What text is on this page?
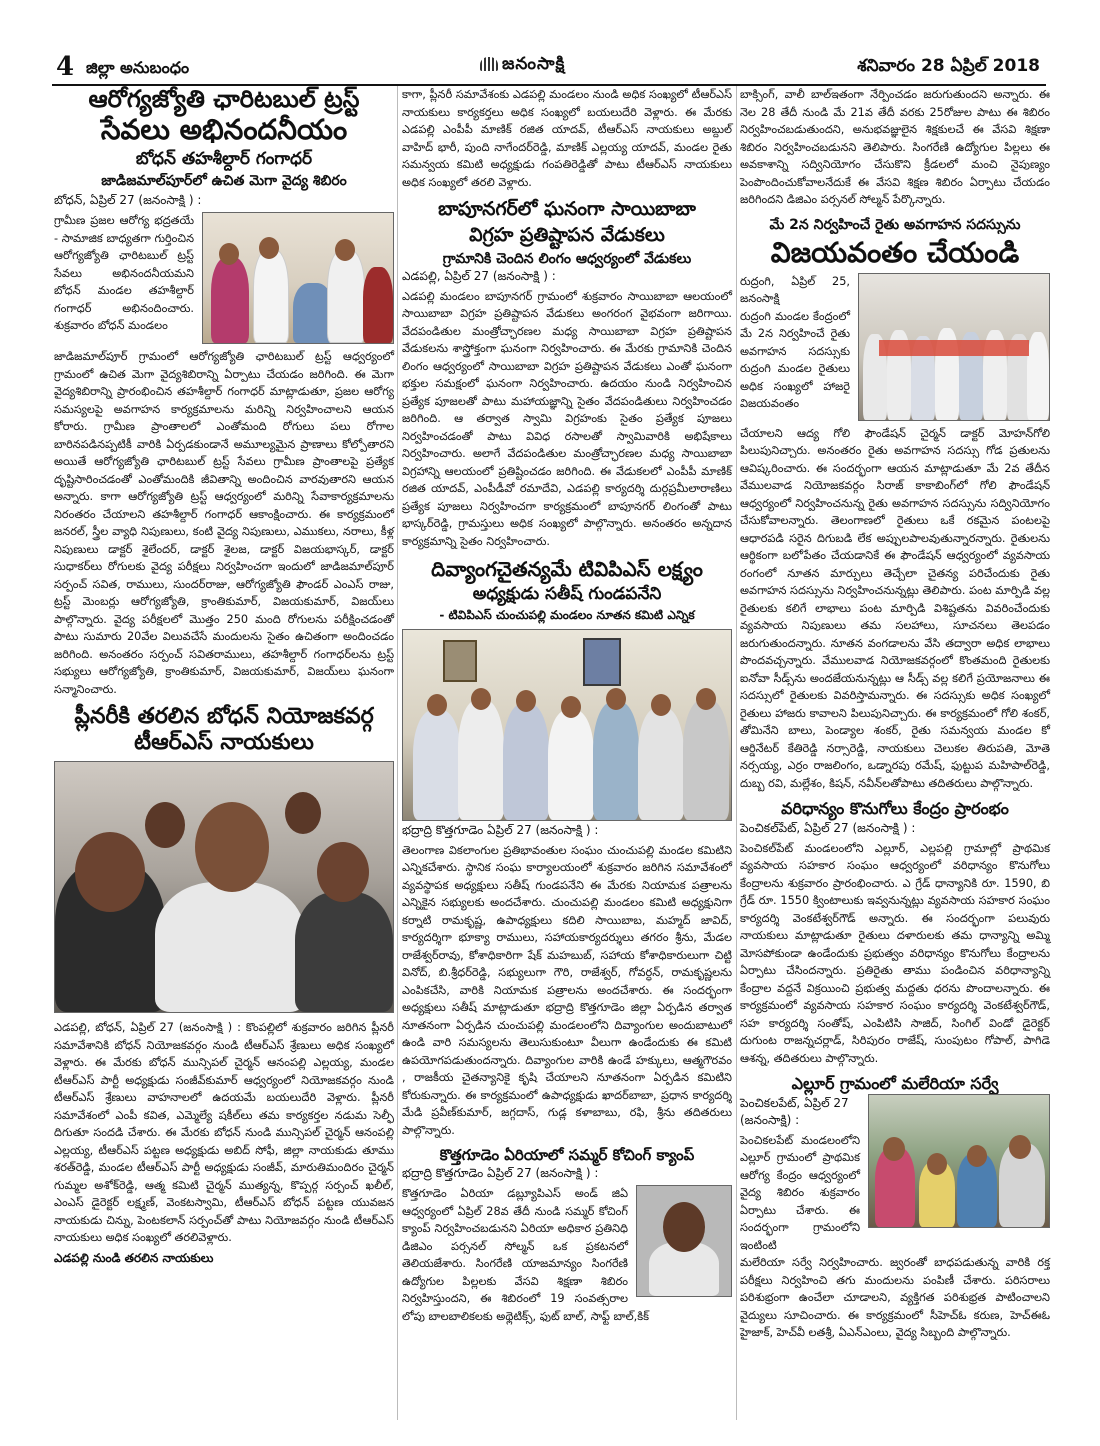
4 జిల్లా అనుబంధం	జనంసాక్షి	శనివారం 28 ఏప్రిల్ 2018

ఆరోగ్యజ్యోతి ఛారిటబుల్ ట్రస్ట్

సేవలు అభినందనీయం

బోధన్ తహశీల్దార్ గంగాధర్

జాడిజమాల్‌పూర్‌లో ఉచిత మెగా వైద్య శిబిరం

బోధన్, ఏప్రిల్ 27 (జనంసాక్షి ) :

గ్రామీణ ప్రజల ఆరోగ్య భద్రతయే - సామాజిక బాధ్యతగా గుర్తించిన ఆరోగ్యజ్యోతి ఛారిటబుల్ ట్రస్ట్ సేవలు అభినందనీయమని బోధన్ మండల తహశీల్దార్ గంగాధర్ అభినందించారు. శుక్రవారం బోధన్ మండలం

జాడిజమాల్‌పూర్ గ్రామంలో ఆరోగ్యజ్యోతి ఛారిటబుల్ ట్రస్ట్ ఆధ్వర్యంలో గ్రామంలో ఉచిత మెగా వైద్యశిబిరాన్ని ఏర్పాటు చేయడం జరిగింది. ఈ మెగా వైద్యశిబిరాన్ని ప్రారంభించిన తహశీల్దార్ గంగాధర్ మాట్లాడుతూ, ప్రజల ఆరోగ్య సమస్యలపై అవగాహన కార్యక్రమాలను మరిన్ని నిర్వహించాలని ఆయన కోరారు. గ్రామీణ ప్రాంతాలలో ఎంతోమంది రోగులు పలు రోగాల బారినపడినప్పటికీ వారికి ఏర్పడకుండానే అమూల్యమైన ప్రాణాలు కోల్పోతారని అయితే ఆరోగ్యజ్యోతి ఛారిటబుల్ ట్రస్ట్ సేవలు గ్రామీణ ప్రాంతాలపై ప్రత్యేక దృష్టిసారించడంతో ఎంతోమందికి జీవితాన్ని అందించిన వారవుతారని ఆయన అన్నారు. కాగా ఆరోగ్యజ్యోతి ట్రస్ట్ ఆధ్వర్యంలో మరిన్ని సేవాకార్యక్రమాలను నిరంతరం చేయాలని తహశీల్దార్ గంగాధర్ ఆకాంక్షించారు. ఈ కార్యక్రమంలో జనరల్, స్త్రీల వ్యాధి నిపుణులు, కంటి వైద్య నిపుణులు, ఎముకలు, నరాలు, కీళ్ల నిపుణులు డాక్టర్ శైలేందర్, డాక్టర్ శైలజ, డాక్టర్ విజయభాస్కర్, డాక్టర్ సుధాకర్‌లు రోగులకు వైద్య పరీక్షలు నిర్వహించగా ఇందులో జాడిజమాల్‌పూర్ సర్పంచ్ సవిత, రాములు, సుందర్‌రాజు, ఆరోగ్యజ్యోతి ఫౌండర్ ఎంఎస్ రాజు, ట్రస్ట్ మెంబర్లు ఆరోగ్యజ్యోతి, క్రాంతికుమార్, విజయకుమార్, విజయ్‌లు పాల్గొన్నారు. వైద్య పరీక్షలలో మొత్తం 250 మంది రోగులను పరీక్షించడంతో పాటు సుమారు 20వేల విలువచేసే మందులను సైతం ఉచితంగా అందించడం జరిగింది. అనంతరం సర్పంచ్ సవితరాములు, తహశీల్దార్ గంగాధర్‌లను ట్రస్ట్ సభ్యులు ఆరోగ్యజ్యోతి, క్రాంతికుమార్, విజయకుమార్, విజయ్‌లు ఘనంగా సన్మానించారు.

ప్లీనరీకి తరలిన బోధన్ నియోజకవర్గ

టీఆర్ఎస్ నాయకులు

ఎడపల్లి, బోధన్, ఏప్రిల్ 27 (జనంసాక్షి ) : కొంపల్లిలో శుక్రవారం జరిగిన ప్లీనరీ సమావేశానికి బోధన్ నియోజకవర్గం నుండి టీఆర్ఎస్ శ్రేణులు అధిక సంఖ్యలో వెళ్లారు. ఈ మేరకు బోధన్ మున్సిపల్ చైర్మన్ ఆనంపల్లి ఎల్లయ్య, మండల టీఆర్ఎస్ పార్టీ అధ్యక్షుడు సంజీవ్‌కుమార్ ఆధ్వర్యంలో నియోజకవర్గం నుండి టీఆర్ఎస్ శ్రేణులు వాహనాలలో ఉదయమే బయలుదేరి వెళ్లారు. ప్లీనరీ సమావేశంలో ఎంపీ కవిత, ఎమ్మెల్యే షకీల్‌లు తమ కార్యకర్తల నడుమ సెల్ఫీ దిగుతూ సందడి చేశారు. ఈ మేరకు బోధన్ నుండి మున్సిపల్ చైర్మన్ ఆనంపల్లి ఎల్లయ్య, టీఆర్ఎస్ పట్టణ అధ్యక్షుడు అబిద్ సోఫీ, జిల్లా నాయకుడు తూము శరత్‌రెడ్డి, మండల టీఆర్ఎస్ పార్టీ అధ్యక్షుడు సంజీవ్, మారుతిమందిరం చైర్మన్ గుమ్మల అశోక్‌రెడ్డి, ఆత్మ కమిటి చైర్మన్ ముత్యన్న, కొప్పర్గ సర్పంచ్ ఖలీల్, ఎంఎస్ డైరెక్టర్ లక్ష్మణ్, వెంకటస్వామి, టీఆర్ఎస్ బోధన్ పట్టణ యువజన నాయకుడు చిన్ను, పెంటకలాన్ సర్పంచ్‌తో పాటు నియోజవర్గం నుండి టీఆర్ఎస్ నాయకులు అధిక సంఖ్యలో తరలివెళ్లారు.

ఎడపల్లి నుండి తరలిన నాయకులు

కాగా, ప్లీనరీ సమావేశంకు ఎడపల్లి మండలం నుండి అధిక సంఖ్యలో టీఆర్ఎస్ నాయకులు కార్యకర్తలు అధిక సంఖ్యలో బయలుదేరి వెళ్లారు. ఈ మేరకు ఎడపల్లి ఎంపీపీ మాణిక్ రజిత యాదవ్, టీఆర్ఎస్ నాయకులు అబ్దుల్ వాహిద్ భారీ, పుంది నాగేందర్‌రెడ్డి, మాణిక్ ఎల్లయ్య యాదవ్, మండల రైతు సమన్వయ కమిటి అధ్యక్షుడు గంపతిరెడ్డితో పాటు టీఆర్ఎస్ నాయకులు అధిక సంఖ్యలో తరలి వెళ్లారు.

బాపూనగర్‌లో ఘనంగా సాయిబాబా

విగ్రహ ప్రతిష్టాపన వేడుకలు

గ్రామానికి చెందిన లింగం ఆధ్వర్యంలో వేడుకలు

ఎడపల్లి, ఏప్రిల్ 27 (జనంసాక్షి ) :

ఎడపల్లి మండలం బాపూనగర్ గ్రామంలో శుక్రవారం సాయిబాబా ఆలయంలో సాయిబాబా విగ్రహ ప్రతిష్టాపన వేడుకలు అంగరంగ వైభవంగా జరిగాయి. వేదపండితుల మంత్రోచ్ఛారణల మధ్య సాయిబాబా విగ్రహ ప్రతిష్టాపన వేడుకలను శాస్త్రోక్తంగా ఘనంగా నిర్వహించారు. ఈ మేరకు గ్రామానికి చెందిన లింగం ఆధ్వర్యంలో సాయిబాబా విగ్రహ ప్రతిష్టాపన వేడుకలు ఎంతో ఘనంగా భక్తుల సమక్షంలో ఘనంగా నిర్వహించారు. ఉదయం నుండి నిర్వహించిన ప్రత్యేక పూజలతో పాటు మహాయజ్ఞాన్ని సైతం వేదపండితులు నిర్వహించడం జరిగింది. ఆ తర్వాత స్వామి విగ్రహంకు సైతం ప్రత్యేక పూజలు నిర్వహించడంతో పాటు వివిధ రసాలతో స్వామివారికి అభిషేకాలు నిర్వహించారు. అలాగే వేదపండితుల మంత్రోచ్ఛారణల మధ్య సాయిబాబా విగ్రహాన్ని ఆలయంలో ప్రతిష్టించడం జరిగింది. ఈ వేడుకలలో ఎంపీపీ మాణిక్ రజిత యాదవ్, ఎంపీడీవో రమాదేవి, ఎడపల్లి కార్యదర్శి దుర్గప్రమీలారాణిలు ప్రత్యేక పూజలు నిర్వహించగా కార్యక్రమంలో బాపూనగర్ లింగంతో పాటు భాస్కర్‌రెడ్డి, గ్రామస్తులు అధిక సంఖ్యలో పాల్గొన్నారు. అనంతరం అన్నదాన కార్యక్రమాన్ని సైతం నిర్వహించారు.

దివ్యాంగచైతన్యమే టివిపిఎస్ లక్ష్యం

అధ్యక్షుడు సతీష్ గుండపనేని

- టివిపిఎస్ చుంచుపల్లి మండలం నూతన కమిటి ఎన్నిక

భద్రాద్రి కొత్తగూడెం ఏప్రిల్ 27 (జనంసాక్షి ) :

తెలంగాణ వికలాంగుల ప్రతిభావంతుల సంఘం చుంచుపల్లి మండల కమిటిని ఎన్నికచేశారు. స్థానిక సంఘ కార్యాలయంలో శుక్రవారం జరిగిన సమావేశంలో వ్యవస్థాపక అధ్యక్షులు సతీష్ గుండపనేని ఈ మేరకు నియామక పత్రాలను ఎన్నికైన సభ్యులకు అందచేశారు. చుంచుపల్లి మండలం కమిటి అధ్యక్షునిగా కర్నాటి రామకృష్ణ, ఉపాధ్యక్షులు కదిలి సాయిబాబ, మహ్మద్ జావిద్, కార్యదర్శిగా భూక్యా రాములు, సహాయకార్యదర్శులు తగరం శ్రీను, మేడల రాజేశ్వర్‌రావు, కోశాధికారిగా షేక్ మహబుబ్, సహాయ కోశాధికారులుగా చిట్టి వినోద్, బి.శ్రీధర్‌రెడ్డి, సభ్యులుగా గౌరి, రాజేశ్వర్, గోవర్ధన్, రామకృష్ణలను ఎంపికచేసి, వారికి నియామక పత్రాలను అందచేశారు. ఈ సందర్భంగా అధ్యక్షులు సతీష్ మాట్లాడుతూ భద్రాద్రి కొత్తగూడెం జిల్లా ఏర్పడిన తర్వాత నూతనంగా ఏర్పడిన చుంచుపల్లి మండలంలోని దివ్యాంగుల అందుబాటులో ఉండి వారి సమస్యలను తెలుసుకుంటూ వీలుగా ఉండేందుకు ఈ కమిటి ఉపయోగపడుతుందన్నారు. దివ్యాంగుల వారికి ఉండే హక్కులు, ఆత్మగౌరవం , రాజకీయ చైతన్యానికై కృషి చేయాలని నూతనంగా ఏర్పడిన కమిటిని కోరుకున్నారు. ఈ కార్యక్రమంలో ఉపాధ్యక్షుడు ఖాదర్‌బాబా, ప్రధాన కార్యదర్శి మేడి ప్రవీణ్‌కుమార్, జగ్గదాస్, గుడ్ల కళాబాబు, రఫి, శ్రీను తదితరులు పాల్గొన్నారు.

కొత్తగూడెం ఏరియాలో సమ్మర్ కోచింగ్ క్యాంప్

భద్రాద్రి కొత్తగూడెం ఏప్రిల్ 27 (జనంసాక్షి ) :

కొత్తగూడెం ఏరియా డబ్ల్యూపిఎస్ అండ్ జిఏ ఆధ్వర్యంలో ఏప్రిల్ 28వ తేదీ నుండి సమ్మర్ కోచింగ్ క్యాంప్ నిర్వహించబడునని ఏరియా అధికార ప్రతినిధి డిజిఎం పర్సనల్ సోల్మన్ ఒక ప్రకటనలో తెలియజేశారు. సింగరేణి యాజమాన్యం సింగరేణి ఉద్యోగుల పిల్లలకు వేసవి శిక్షణా శిబిరం నిర్వహిస్తుందని, ఈ శిబిరంలో 19 సంవత్సరాల లోపు బాలబాలికలకు అథ్లెటిక్స్, ఫుట్ బాల్, సాఫ్ట్ బాల్,కిక్

బాక్సింగ్, వాలీ బాల్‌ఇతంగా నేర్పించడం జరుగుతుందని అన్నారు. ఈ నెల 28 తేదీ నుండి మే 21వ తేదీ వరకు 25రోజుల పాటు ఈ శిబిరం నిర్వహించబడుతుందని, అనుభవజ్ఞులైన శిక్షకులచే ఈ వేసవి శిక్షణా శిబిరం నిర్వహించబడునని తెలిపారు. సింగరేణి ఉద్యోగుల పిల్లలు ఈ అవకాశాన్ని సద్వినియోగం చేసుకొని క్రీడలలో మంచి నైపుణ్యం పెంపొందించుకోవాలనేదుకే ఈ వేసవి శిక్షణ శిబిరం ఏర్పాటు చేయడం జరిగిందని డిజిఎం పర్సనల్ సోల్మన్ పేర్కొన్నారు.

మే 2న నిర్వహించే రైతు అవగాహన సదస్సును

విజయవంతం చేయండి

రుద్రంగి, ఏప్రిల్ 25, జనంసాక్షి

రుద్రంగి మండల కేంద్రంలో మే 2న నిర్వహించే రైతు అవగాహన సదస్సుకు రుద్రంగి మండల రైతులు అధిక సంఖ్యలో హాజరై విజయవంతం

చేయాలని ఆద్య గోలి ఫౌండేషన్ చైర్మన్ డాక్టర్ మోహన్‌గోలి పిలుపునిచ్చారు. అనంతరం రైతు అవగాహన సదస్సు గోడ ప్రతులను ఆవిష్కరించారు. ఈ సందర్భంగా ఆయన మాట్లాడుతూ మే 2వ తేదీన వేములవాడ నియోజకవర్గం సిరాజ్ కాకాబింగ్‌లో గోలి ఫౌండేషన్ ఆధ్వర్యంలో నిర్వహించనున్న రైతు అవగాహన సదస్సును సద్వినియోగం చేసుకోవాలన్నారు. తెలంగాణలో రైతులు ఒకే రకమైన పంటలపై ఆధారపడి సరైన దిగుబడి లేక అప్పులపాలవుతున్నారన్నారు. రైతులను ఆర్థికంగా బలోపేతం చేయడానికే ఈ ఫౌండేషన్ ఆధ్వర్యంలో వ్యవసాయ రంగంలో నూతన మార్పులు తెచ్చేలా చైతన్య పరిచేందుకు రైతు అవగాహన సదస్సును నిర్వహించనున్నట్లు తెలిపారు. పంట మార్పిడి వల్ల రైతులకు కలిగే లాభాలు పంట మార్పిడి విశిష్టతను వివరించేందుకు వ్యవసాయ నిపుణులు తమ సలహాలు, సూచనలు తెలపడం జరుగుతుందన్నారు. నూతన వంగడాలను వేసి తద్వారా అధిక లాభాలు పొందవచ్చన్నారు. వేములవాడ నియోజకవర్గంలో కొంతమంది రైతులకు ఐనోవా సీడ్స్‌ను అందజేయనున్నట్లు ఆ సీడ్స్ వల్ల కలిగే ప్రయోజనాలు ఈ సదస్సులో రైతులకు వివరిస్తామన్నారు. ఈ సదస్సుకు అధిక సంఖ్యలో రైతులు హాజరు కావాలని పిలుపునిచ్చారు. ఈ కార్యక్రమంలో గోలి శంకర్, తోమినేని బాలు, పెండ్యాల శంకర్, రైతు సమన్వయ మండల కో ఆర్డినేటర్ కేతిరెడ్డి నర్సారెడ్డి, నాయకులు చెలుకల తిరుపతి, మోతె నర్సయ్య, ఎర్రం రాజలింగం, ఒడ్నారపు రమేష్, ఫుట్టుప మహిపాల్‌రెడ్డి, దుబ్బ రవి, మల్లేశం, కిషన్, నవీన్‌లతోపాటు తదితరులు పాల్గొన్నారు.

వరిధాన్యం కొనుగోలు కేంద్రం ప్రారంభం

పెంచికల్‌పేట్, ఏప్రిల్ 27 (జనంసాక్షి ) :

పెంచికల్‌పేట్ మండలంలోని ఎల్లూర్, ఎల్లపల్లి గ్రామాల్లో ప్రాథమిక వ్యవసాయ సహకార సంఘం ఆధ్వర్యంలో వరిధాన్యం కొనుగోలు కేంద్రాలను శుక్రవారం ప్రారంభించారు. ఎ గ్రేడ్ ధాన్యానికి రూ. 1590, బి గ్రేడ్ రూ. 1550 క్వింటాలుకు ఇవ్వనున్నట్లు వ్యవసాయ సహకార సంఘం కార్యదర్శి వెంకటేశ్వర్‌గౌడ్ అన్నారు. ఈ సందర్భంగా పలువురు నాయకులు మాట్లాడుతూ రైతులు దళారులకు తమ ధాన్యాన్ని అమ్మి మోసపోకుండా ఉండేందుకు ప్రభుత్వం వరిధాన్యం కొనుగోలు కేంద్రాలను ఏర్పాటు చేసిందన్నారు. ప్రతిరైతు తాము పండించిన వరిధాన్యాన్ని కేంద్రాల వద్దనే విక్రయించి ప్రభుత్వ మద్దతు ధరను పొందాలన్నారు. ఈ కార్యక్రమంలో వ్యవసాయ సహకార సంఘం కార్యదర్శి వెంకటేశ్వర్‌గౌడ్, సహ కార్యదర్శి సంతోష్, ఎంపిటిసి సాజిద్, సింగిల్ విండో డైరెక్టర్ దుగుంట రాజన్నచర్లాడ్, సిరిపురం రాజేష్, సుంపుటం గోపాల్, పాగిడె ఆశన్న, తదితరులు పాల్గొన్నారు.

ఎల్లూర్ గ్రామంలో మలేరియా సర్వే

పెంచికలపేట్, ఏప్రిల్ 27 (జనంసాక్షి) :

పెంచికలపేట్ మండలంలోని ఎల్లూర్ గ్రామంలో ప్రాథమిక ఆరోగ్య కేంద్రం ఆధ్వర్యంలో వైద్య శిబిరం శుక్రవారం ఏర్పాటు చేశారు. ఈ సందర్భంగా గ్రామంలోని ఇంటింటి

మలేరియా సర్వే నిర్వహించారు. జ్వరంతో బాధపడుతున్న వారికి రక్త పరీక్షలు నిర్వహించి తగు మందులను పంపిణీ చేశారు. పరిసరాలు పరిశుభ్రంగా ఉంచేలా చూడాలని, వ్యక్తిగత పరిశుభ్రత పాటించాలని వైద్యులు సూచించారు. ఈ కార్యక్రమంలో సీహెచ్ఓ కరుణ, హెచ్ఈఓ హైజాక్, హెచ్‌వీ లతశ్రీ, ఏఎన్ఎంలు, వైద్య సిబ్బంది పాల్గొన్నారు.
